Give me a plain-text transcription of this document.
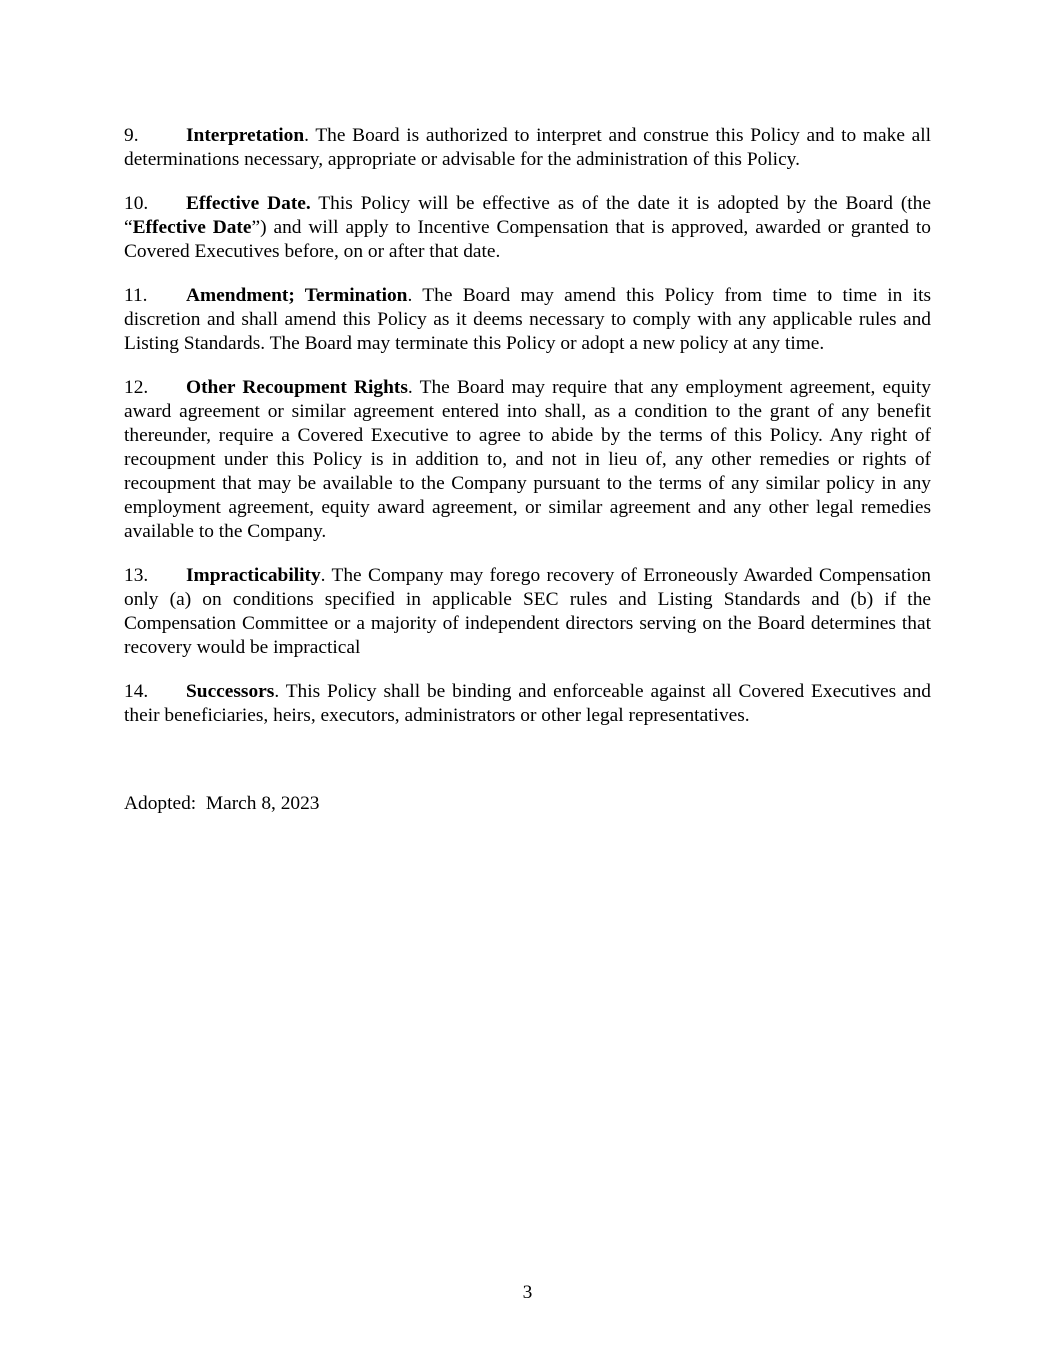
9. Interpretation. The Board is authorized to interpret and construe this Policy and to make all determinations necessary, appropriate or advisable for the administration of this Policy.

10. Effective Date. This Policy will be effective as of the date it is adopted by the Board (the “Effective Date”) and will apply to Incentive Compensation that is approved, awarded or granted to Covered Executives before, on or after that date.

11. Amendment; Termination. The Board may amend this Policy from time to time in its discretion and shall amend this Policy as it deems necessary to comply with any applicable rules and Listing Standards. The Board may terminate this Policy or adopt a new policy at any time.

12. Other Recoupment Rights. The Board may require that any employment agreement, equity award agreement or similar agreement entered into shall, as a condition to the grant of any benefit thereunder, require a Covered Executive to agree to abide by the terms of this Policy. Any right of recoupment under this Policy is in addition to, and not in lieu of, any other remedies or rights of recoupment that may be available to the Company pursuant to the terms of any similar policy in any employment agreement, equity award agreement, or similar agreement and any other legal remedies available to the Company.

13. Impracticability. The Company may forego recovery of Erroneously Awarded Compensation only (a) on conditions specified in applicable SEC rules and Listing Standards and (b) if the Compensation Committee or a majority of independent directors serving on the Board determines that recovery would be impractical

14. Successors. This Policy shall be binding and enforceable against all Covered Executives and their beneficiaries, heirs, executors, administrators or other legal representatives.

Adopted:  March 8, 2023

3
